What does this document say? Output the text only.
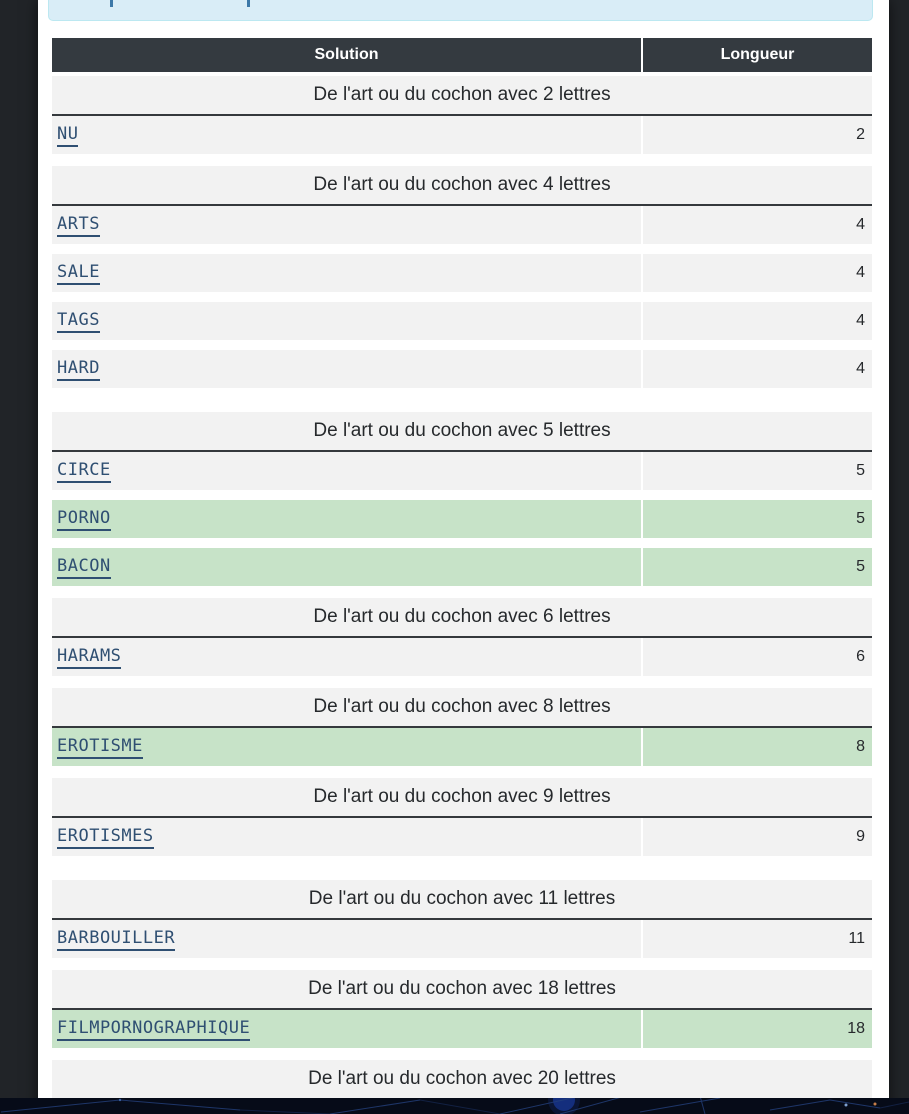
Solution	Longueur
De l'art ou du cochon avec 2 lettres
NU	2
De l'art ou du cochon avec 4 lettres
ARTS	4
SALE	4
TAGS	4
HARD	4
De l'art ou du cochon avec 5 lettres
CIRCE	5
PORNO	5
BACON	5
De l'art ou du cochon avec 6 lettres
HARAMS	6
De l'art ou du cochon avec 8 lettres
EROTISME	8
De l'art ou du cochon avec 9 lettres
EROTISMES	9
De l'art ou du cochon avec 11 lettres
BARBOUILLER	11
De l'art ou du cochon avec 18 lettres
FILMPORNOGRAPHIQUE	18
De l'art ou du cochon avec 20 lettres
